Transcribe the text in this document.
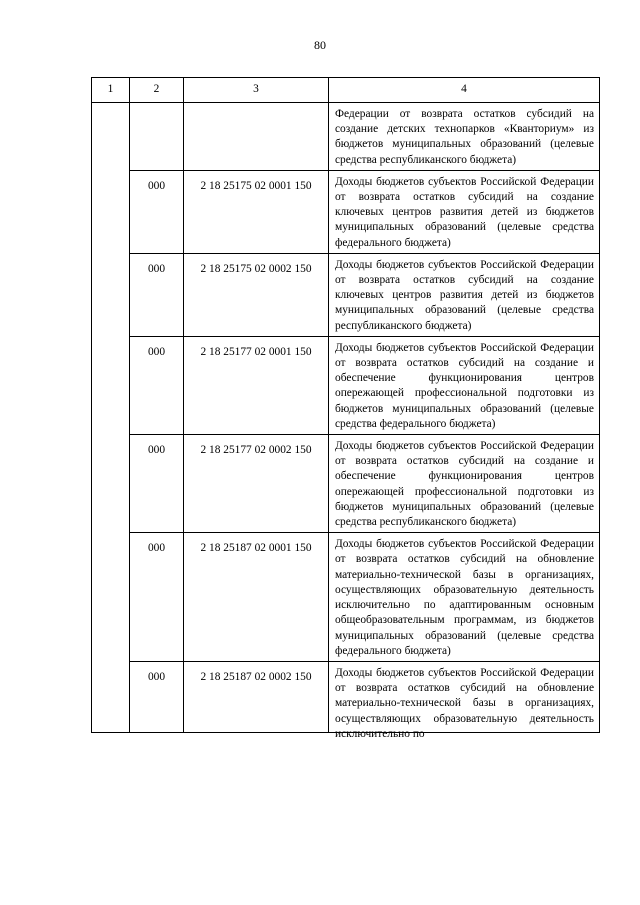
80
1	2	3	4
			Федерации от возврата остатков субсидий на создание детских технопарков «Кванториум» из бюджетов муниципальных образований (целевые средства республиканского бюджета)
	000	2 18 25175 02 0001 150	Доходы бюджетов субъектов Российской Федерации от возврата остатков субсидий на создание ключевых центров развития детей из бюджетов муниципальных образований (целевые средства федерального бюджета)
	000	2 18 25175 02 0002 150	Доходы бюджетов субъектов Российской Федерации от возврата остатков субсидий на создание ключевых центров развития детей из бюджетов муниципальных образований (целевые средства республиканского бюджета)
	000	2 18 25177 02 0001 150	Доходы бюджетов субъектов Российской Федерации от возврата остатков субсидий на создание и обеспечение функционирования центров опережающей профессиональной подготовки из бюджетов муниципальных образований (целевые средства федерального бюджета)
	000	2 18 25177 02 0002 150	Доходы бюджетов субъектов Российской Федерации от возврата остатков субсидий на создание и обеспечение функционирования центров опережающей профессиональной подготовки из бюджетов муниципальных образований (целевые средства республиканского бюджета)
	000	2 18 25187 02 0001 150	Доходы бюджетов субъектов Российской Федерации от возврата остатков субсидий на обновление материально-технической базы в организациях, осуществляющих образовательную деятельность исключительно по адаптированным основным общеобразовательным программам, из бюджетов муниципальных образований (целевые средства федерального бюджета)
	000	2 18 25187 02 0002 150	Доходы бюджетов субъектов Российской Федерации от возврата остатков субсидий на обновление материально-технической базы в организациях, осуществляющих образовательную деятельность исключительно по
